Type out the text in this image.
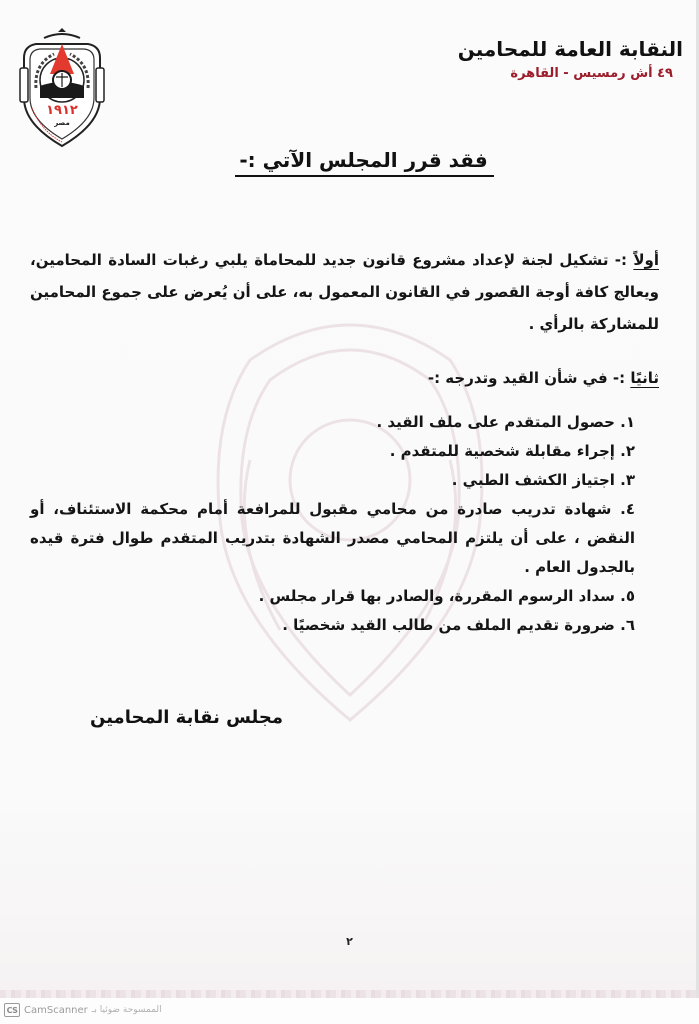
١٩١٢
مصر
النقابة العامة للمحامين
٤٩ أش رمسيس - القاهرة
فقد قرر المجلس الآتي :-

أولاً :- تشكيل لجنة لإعداد مشروع قانون جديد للمحاماة يلبي رغبات السادة المحامين، ويعالج كافة أوجة القصور في القانون المعمول به، على أن يُعرض على جموع المحامين للمشاركة بالرأي .

ثانيًا :- في شأن القيد وتدرجه :-

١. حصول المتقدم على ملف القيد .
٢. إجراء مقابلة شخصية للمتقدم .
٣. اجتياز الكشف الطبي .
٤. شهادة تدريب صادرة من محامي مقبول للمرافعة أمام محكمة الاستئناف، أو النقض ، على أن يلتزم المحامي مصدر الشهادة بتدريب المتقدم طوال فترة قيده بالجدول العام .
٥. سداد الرسوم المقررة، والصادر بها قرار مجلس .
٦. ضرورة تقديم الملف من طالب القيد شخصيًا .
مجلس نقابة المحامين
٢
CS CamScanner الممسوحة ضوئيا بـ
